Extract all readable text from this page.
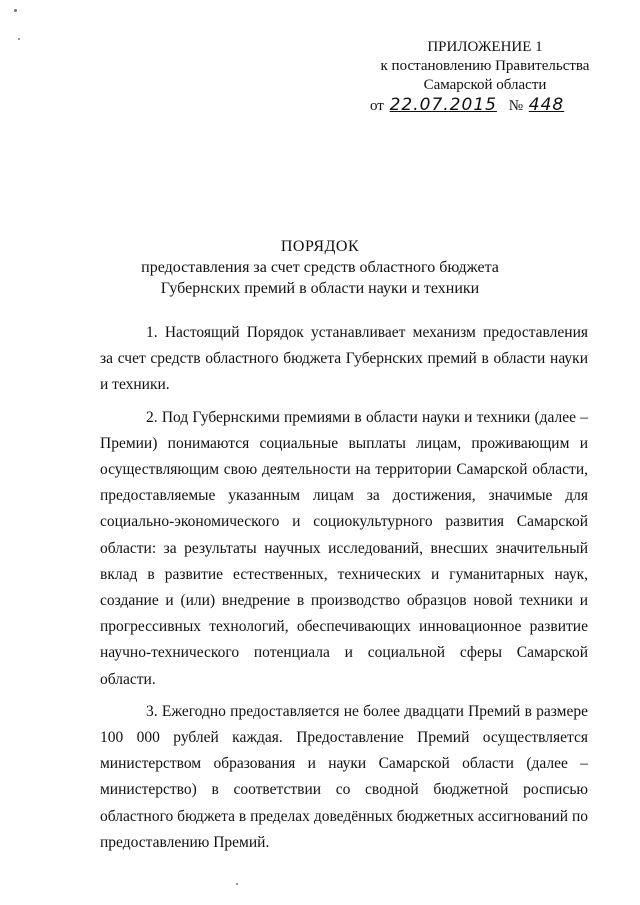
ПРИЛОЖЕНИЕ 1
к постановлению Правительства
Самарской области
от 22.07.2015 № 448
ПОРЯДОК
предоставления за счет средств областного бюджета
Губернских премий в области науки и техники

1. Настоящий Порядок устанавливает механизм предоставления за счет средств областного бюджета Губернских премий в области науки и техники.

2. Под Губернскими премиями в области науки и техники (далее – Премии) понимаются социальные выплаты лицам, проживающим и осуществляющим свою деятельности на территории Самарской области, предоставляемые указанным лицам за достижения, значимые для социально-экономического и социокультурного развития Самарской области: за результаты научных исследований, внесших значительный вклад в развитие естественных, технических и гуманитарных наук, создание и (или) внедрение в производство образцов новой техники и прогрессивных технологий, обеспечивающих инновационное развитие научно-технического потенциала и социальной сферы Самарской области.

3. Ежегодно предоставляется не более двадцати Премий в размере 100 000 рублей каждая. Предоставление Премий осуществляется министерством образования и науки Самарской области (далее – министерство) в соответствии со сводной бюджетной росписью областного бюджета в пределах доведённых бюджетных ассигнований по предоставлению Премий.
